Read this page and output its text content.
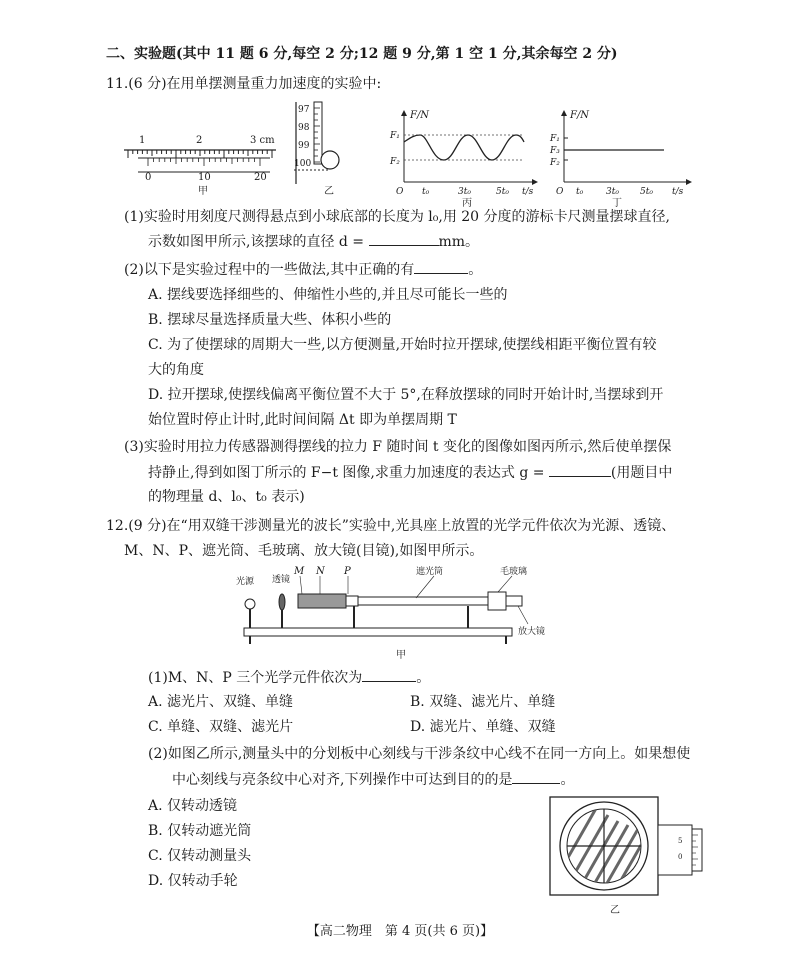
二、实验题(其中 11 题 6 分,每空 2 分;12 题 9 分,第 1 空 1 分,其余每空 2 分)
11.(6 分)在用单摆测量重力加速度的实验中:
1	2	3 cm
0	10	20
甲
97
98
99
100
乙
F/N
F₁
F₂
O t₀	3t₀	5t₀ t/s
丙
F/N
F₁
F₃
F₂
O t₀	3t₀ 5t₀ t/s
丁
(1)实验时用刻度尺测得悬点到小球底部的长度为 l₀,用 20 分度的游标卡尺测量摆球直径,
示数如图甲所示,该摆球的直径 d =	mm。
(2)以下是实验过程中的一些做法,其中正确的有	。
A. 摆线要选择细些的、伸缩性小些的,并且尽可能长一些的
B. 摆球尽量选择质量大些、体积小些的
C. 为了使摆球的周期大一些,以方便测量,开始时拉开摆球,使摆线相距平衡位置有较
大的角度
D. 拉开摆球,使摆线偏离平衡位置不大于 5°,在释放摆球的同时开始计时,当摆球到开
始位置时停止计时,此时间间隔 Δt 即为单摆周期 T
(3)实验时用拉力传感器测得摆线的拉力 F 随时间 t 变化的图像如图丙所示,然后使单摆保
持静止,得到如图丁所示的 F−t 图像,求重力加速度的表达式 g =	(用题目中
的物理量 d、l₀、t₀ 表示)
12.(9 分)在“用双缝干涉测量光的波长”实验中,光具座上放置的光学元件依次为光源、透镜、
M、N、P、遮光筒、毛玻璃、放大镜(目镜),如图甲所示。
光源 透镜
M N P	遮光筒	毛玻璃
放大镜
甲
(1)M、N、P 三个光学元件依次为	。
A. 滤光片、双缝、单缝	B. 双缝、滤光片、单缝
C. 单缝、双缝、滤光片	D. 滤光片、单缝、双缝
(2)如图乙所示,测量头中的分划板中心刻线与干涉条纹中心线不在同一方向上。如果想使
中心刻线与亮条纹中心对齐,下列操作中可达到目的的是	。
A. 仅转动透镜
B. 仅转动遮光筒
C. 仅转动测量头
D. 仅转动手轮
5
0
乙
【高二物理　第 4 页(共 6 页)】
